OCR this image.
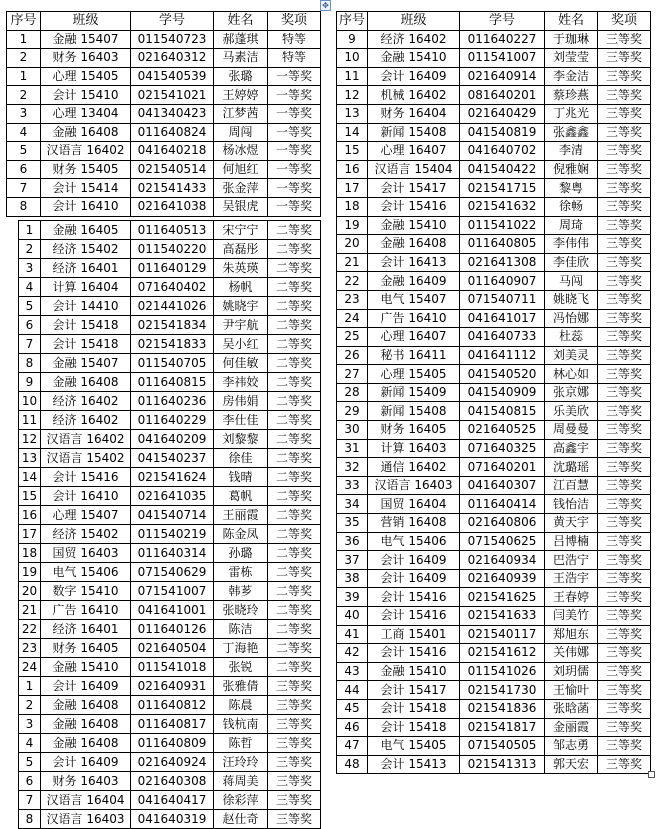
✥
序号	班级	学号	姓名	奖项
1	金融 15407	011540723	郝蓬琪	特等
2	财务 16403	021640312	马素洁	特等
1	心理 15405	041540539	张璐	一等奖
2	会计 15410	021541021	王婷婷	一等奖
3	心理 13404	041340423	江梦茜	一等奖
4	金融 16408	011640824	周闯	一等奖
5	汉语言 16402	041640218	杨冰煜	一等奖
6	财务 15405	021540514	何旭红	一等奖
7	会计 15414	021541433	张金萍	一等奖
8	会计 16410	021641038	吴银虎	一等奖
1	金融 16405	011640513	宋宁宁	二等奖
2	经济 15402	011540220	高磊彤	二等奖
3	经济 16401	011640129	朱英瑛	二等奖
4	计算 16404	071640402	杨帆	二等奖
5	会计 14410	021441026	姚晓宇	二等奖
6	会计 15418	021541834	尹宇航	二等奖
7	会计 15418	021541833	吴小红	二等奖
8	金融 15407	011540705	何佳敏	二等奖
9	金融 16408	011640815	李祎姣	二等奖
10	经济 16402	011640236	房伟娟	二等奖
11	经济 16402	011640229	李仕佳	二等奖
12	汉语言 16402	041640209	刘黎黎	二等奖
13	汉语言 15402	041540237	徐佳	二等奖
14	会计 15416	021541624	钱晴	二等奖
15	会计 16410	021641035	葛帆	二等奖
16	心理 15407	041540714	王丽霞	二等奖
17	经济 15402	011540219	陈金凤	二等奖
18	国贸 16403	011640314	孙璐	二等奖
19	电气 15406	071540629	雷栋	二等奖
20	数字 15410	071541007	韩芗	二等奖
21	广告 16410	041641001	张晓玲	二等奖
22	经济 16401	011640126	陈洁	二等奖
23	财务 16405	021640504	丁海艳	二等奖
24	金融 15410	011541018	张锐	二等奖
1	会计 16409	021640931	张雅倩	三等奖
2	金融 16408	011640812	陈晨	三等奖
3	金融 16408	011640817	钱杭南	三等奖
4	金融 16408	011640809	陈哲	三等奖
5	会计 16409	021640924	汪玲玲	三等奖
6	财务 16403	021640308	蒋周美	三等奖
7	汉语言 16404	041640417	徐彩萍	三等奖
8	汉语言 16403	041640319	赵仕奇	三等奖
序号	班级	学号	姓名	奖项
9	经济 16402	011640227	于珈琳	三等奖
10	金融 15410	011541007	刘莹莹	三等奖
11	会计 16409	021640914	李金洁	三等奖
12	机械 16402	081640201	蔡珍燕	三等奖
13	财务 16404	021640429	丁兆光	三等奖
14	新闻 15408	041540819	张鑫鑫	三等奖
15	心理 16407	041640702	李清	三等奖
16	汉语言 15404	041540422	倪雅娴	三等奖
17	会计 15417	021541715	黎粤	三等奖
18	会计 15416	021541632	徐畅	三等奖
19	金融 15410	011541022	周琦	三等奖
20	金融 16408	011640805	李伟伟	三等奖
21	会计 16413	021641308	李佳欣	三等奖
22	金融 16409	011640907	马闯	三等奖
23	电气 15407	071540711	姚晓飞	三等奖
24	广告 16410	041641017	冯怡娜	三等奖
25	心理 16407	041640733	杜蕊	三等奖
26	秘书 16411	041641112	刘美灵	三等奖
27	心理 15405	041540520	林心如	三等奖
28	新闻 15409	041540909	张京娜	三等奖
29	新闻 15408	041540815	乐美欣	三等奖
30	财务 16405	021640525	周曼曼	三等奖
31	计算 16403	071640325	高鑫宇	三等奖
32	通信 16402	071640201	沈璐瑶	三等奖
33	汉语言 16403	041640307	江百慧	三等奖
34	国贸 16404	011640414	钱怡洁	三等奖
35	营销 16408	021640806	黄天宇	三等奖
36	电气 15406	071540625	吕博楠	三等奖
37	会计 16409	021640934	巴浩宁	三等奖
38	会计 16409	021640939	王浩宇	三等奖
39	会计 15416	021541625	王春婷	三等奖
40	会计 15416	021541633	闫美竹	三等奖
41	工商 15401	021540117	郑旭东	三等奖
42	会计 15416	021541612	关伟娜	三等奖
43	金融 15410	011541026	刘玥儒	三等奖
44	会计 15417	021541730	王愉叶	三等奖
45	会计 15418	021541836	张晗菡	三等奖
46	会计 15418	021541817	金丽霞	三等奖
47	电气 15405	071540505	邹志勇	三等奖
48	会计 15413	021541313	郭天宏	三等奖
